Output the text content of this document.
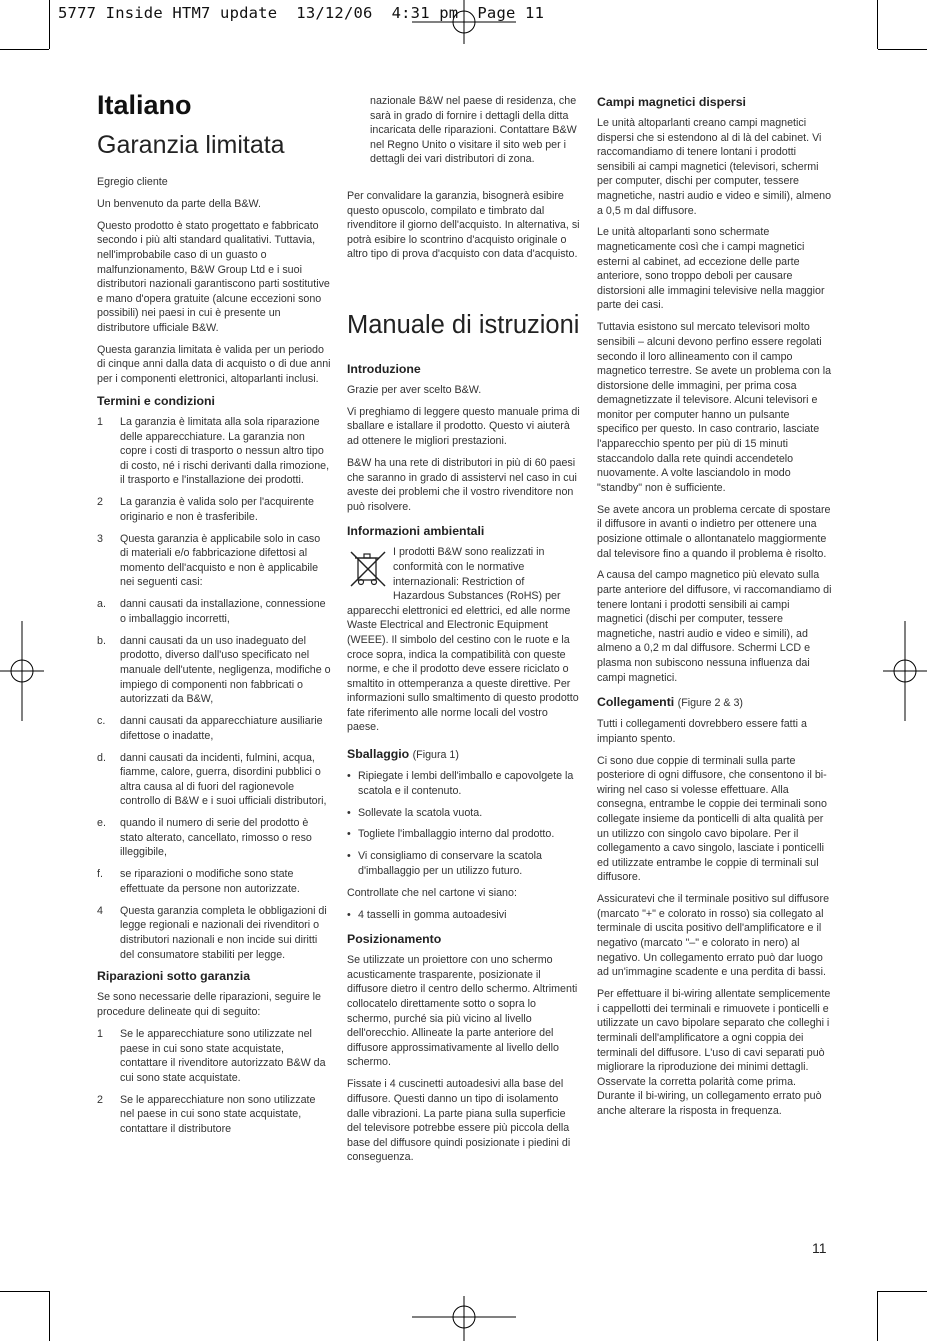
5777 Inside HTM7 update  13/12/06  4:31 pm  Page 11
Italiano
Garanzia limitata
Manuale di istruzioni

Egregio cliente

Un benvenuto da parte della B&W.

Questo prodotto è stato progettato e fabbricato secondo i più alti standard qualitativi. Tuttavia, nell'improbabile caso di un guasto o malfunzionamento, B&W Group Ltd e i suoi distributori nazionali garantiscono parti sostitutive e mano d'opera gratuite (alcune eccezioni sono possibili) nei paesi in cui è presente un distributore ufficiale B&W.

Questa garanzia limitata è valida per un periodo di cinque anni dalla data di acquisto o di due anni per i componenti elettronici, altoparlanti inclusi.

Termini e condizioni
1	La garanzia è limitata alla sola riparazione delle apparecchiature. La garanzia non copre i costi di trasporto o nessun altro tipo di costo, né i rischi derivanti dalla rimozione, il trasporto e l'installazione dei prodotti.
2	La garanzia è valida solo per l'acquirente originario e non è trasferibile.
3	Questa garanzia è applicabile solo in caso di materiali e/o fabbricazione difettosi al momento dell'acquisto e non è applicabile nei seguenti casi:
a.	danni causati da installazione, connessione o imballaggio incorretti,
b.	danni causati da un uso inadeguato del prodotto, diverso dall'uso specificato nel manuale dell'utente, negligenza, modifiche o impiego di componenti non fabbricati o autorizzati da B&W,
c.	danni causati da apparecchiature ausiliarie difettose o inadatte,
d.	danni causati da incidenti, fulmini, acqua, fiamme, calore, guerra, disordini pubblici o altra causa al di fuori del ragionevole controllo di B&W e i suoi ufficiali distributori,
e.	quando il numero di serie del prodotto è stato alterato, cancellato, rimosso o reso illeggibile,
f.	se riparazioni o modifiche sono state effettuate da persone non autorizzate.
4	Questa garanzia completa le obbligazioni di legge regionali e nazionali dei rivenditori o distributori nazionali e non incide sui diritti del consumatore stabiliti per legge.
Riparazioni sotto garanzia

Se sono necessarie delle riparazioni, seguire le procedure delineate qui di seguito:

1	Se le apparecchiature sono utilizzate nel paese in cui sono state acquistate, contattare il rivenditore autorizzato B&W da cui sono state acquistate.
2	Se le apparecchiature non sono utilizzate nel paese in cui sono state acquistate, contattare il distributore

nazionale B&W nel paese di residenza, che sarà in grado di fornire i dettagli della ditta incaricata delle riparazioni. Contattare B&W nel Regno Unito o visitare il sito web per i dettagli dei vari distributori di zona.

Per convalidare la garanzia, bisognerà esibire questo opuscolo, compilato e timbrato dal rivenditore il giorno dell'acquisto. In alternativa, si potrà esibire lo scontrino d'acquisto originale o altro tipo di prova d'acquisto con data d'acquisto.

Introduzione

Grazie per aver scelto B&W.

Vi preghiamo di leggere questo manuale prima di sballare e istallare il prodotto. Questo vi aiuterà ad ottenere le migliori prestazioni.

B&W ha una rete di distributori in più di 60 paesi che saranno in grado di assistervi nel caso in cui aveste dei problemi che il vostro rivenditore non può risolvere.

Informazioni ambientali
I prodotti B&W sono realizzati in
conformità con le normative
internazionali: Restriction of
Hazardous Substances (RoHS) per

apparecchi elettronici ed elettrici, ed alle norme Waste Electrical and Electronic Equipment (WEEE). Il simbolo del cestino con le ruote e la croce sopra, indica la compatibilità con queste norme, e che il prodotto deve essere riciclato o smaltito in ottemperanza a queste direttive. Per informazioni sullo smaltimento di questo prodotto fate riferimento alle norme locali del vostro paese.

Sballaggio (Figura 1)
• Ripiegate i lembi dell'imballo e capovolgete la scatola e il contenuto.
• Sollevate la scatola vuota.
• Togliete l'imballaggio interno dal prodotto.
• Vi consigliamo di conservare la scatola d'imballaggio per un utilizzo futuro.

Controllate che nel cartone vi siano:

• 4 tasselli in gomma autoadesivi
Posizionamento

Se utilizzate un proiettore con uno schermo acusticamente trasparente, posizionate il diffusore dietro il centro dello schermo. Altrimenti collocatelo direttamente sotto o sopra lo schermo, purché sia più vicino al livello dell'orecchio. Allineate la parte anteriore del diffusore approssimativamente al livello dello schermo.

Fissate i 4 cuscinetti autoadesivi alla base del diffusore. Questi danno un tipo di isolamento dalle vibrazioni. La parte piana sulla superficie del televisore potrebbe essere più piccola della base del diffusore quindi posizionate i piedini di conseguenza.

Campi magnetici dispersi

Le unità altoparlanti creano campi magnetici dispersi che si estendono al di là del cabinet. Vi raccomandiamo di tenere lontani i prodotti sensibili ai campi magnetici (televisori, schermi per computer, dischi per computer, tessere magnetiche, nastri audio e video e simili), almeno a 0,5 m dal diffusore.

Le unità altoparlanti sono schermate magneticamente così che i campi magnetici esterni al cabinet, ad eccezione delle parte anteriore, sono troppo deboli per causare distorsioni alle immagini televisive nella maggior parte dei casi.

Tuttavia esistono sul mercato televisori molto sensibili – alcuni devono perfino essere regolati secondo il loro allineamento con il campo magnetico terrestre. Se avete un problema con la distorsione delle immagini, per prima cosa demagnetizzate il televisore. Alcuni televisori e monitor per computer hanno un pulsante specifico per questo. In caso contrario, lasciate l'apparecchio spento per più di 15 minuti staccandolo dalla rete quindi accendetelo nuovamente. A volte lasciandolo in modo "standby" non è sufficiente.

Se avete ancora un problema cercate di spostare il diffusore in avanti o indietro per ottenere una posizione ottimale o allontanatelo maggiormente dal televisore fino a quando il problema è risolto.

A causa del campo magnetico più elevato sulla parte anteriore del diffusore, vi raccomandiamo di tenere lontani i prodotti sensibili ai campi magnetici (dischi per computer, tessere magnetiche, nastri audio e video e simili), ad almeno a 0,2 m dal diffusore. Schermi LCD e plasma non subiscono nessuna influenza dai campi magnetici.

Collegamenti (Figure 2 & 3)

Tutti i collegamenti dovrebbero essere fatti a impianto spento.

Ci sono due coppie di terminali sulla parte posteriore di ogni diffusore, che consentono il bi-wiring nel caso si volesse effettuare. Alla consegna, entrambe le coppie dei terminali sono collegate insieme da ponticelli di alta qualità per un utilizzo con singolo cavo bipolare. Per il collegamento a cavo singolo, lasciate i ponticelli ed utilizzate entrambe le coppie di terminali sul diffusore.

Assicuratevi che il terminale positivo sul diffusore (marcato "+" e colorato in rosso) sia collegato al terminale di uscita positivo dell'amplificatore e il negativo (marcato "–" e colorato in nero) al negativo. Un collegamento errato può dar luogo ad un'immagine scadente e una perdita di bassi.

Per effettuare il bi-wiring allentate semplicemente i cappellotti dei terminali e rimuovete i ponticelli e utilizzate un cavo bipolare separato che colleghi i terminali dell'amplificatore a ogni coppia dei terminali del diffusore. L'uso di cavi separati può migliorare la riproduzione dei minimi dettagli. Osservate la corretta polarità come prima. Durante il bi-wiring, un collegamento errato può anche alterare la risposta in frequenza.

11
